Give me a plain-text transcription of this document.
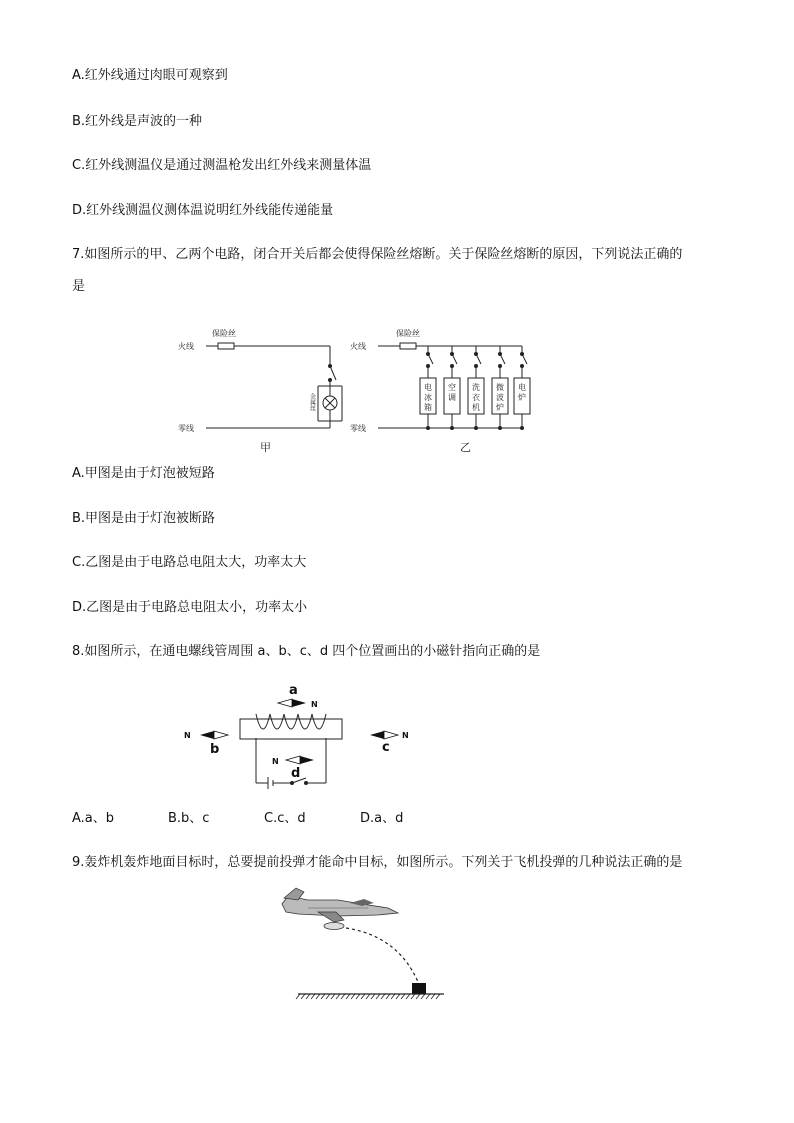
A.红外线通过肉眼可观察到
B.红外线是声波的一种
C.红外线测温仪是通过测温枪发出红外线来测量体温
D.红外线测温仪测体温说明红外线能传递能量
7.如图所示的甲、乙两个电路，闭合开关后都会使得保险丝熔断。关于保险丝熔断的原因，下列说法正确的
是
保险丝
火线
零线
金属丝
甲
保险丝
火线
零线
乙
电
冰
箱
空
调
洗
衣
机
微
波
炉
电
炉
A.甲图是由于灯泡被短路
B.甲图是由于灯泡被断路
C.乙图是由于电路总电阻太大，功率太大
D.乙图是由于电路总电阻太小，功率太小
8.如图所示，在通电螺线管周围 a、b、c、d 四个位置画出的小磁针指向正确的是
a
N
N
b	c
N
N
d
A.a、b	B.b、c	C.c、d	D.a、d
9.轰炸机轰炸地面目标时，总要提前投弹才能命中目标，如图所示。下列关于飞机投弹的几种说法正确的是
